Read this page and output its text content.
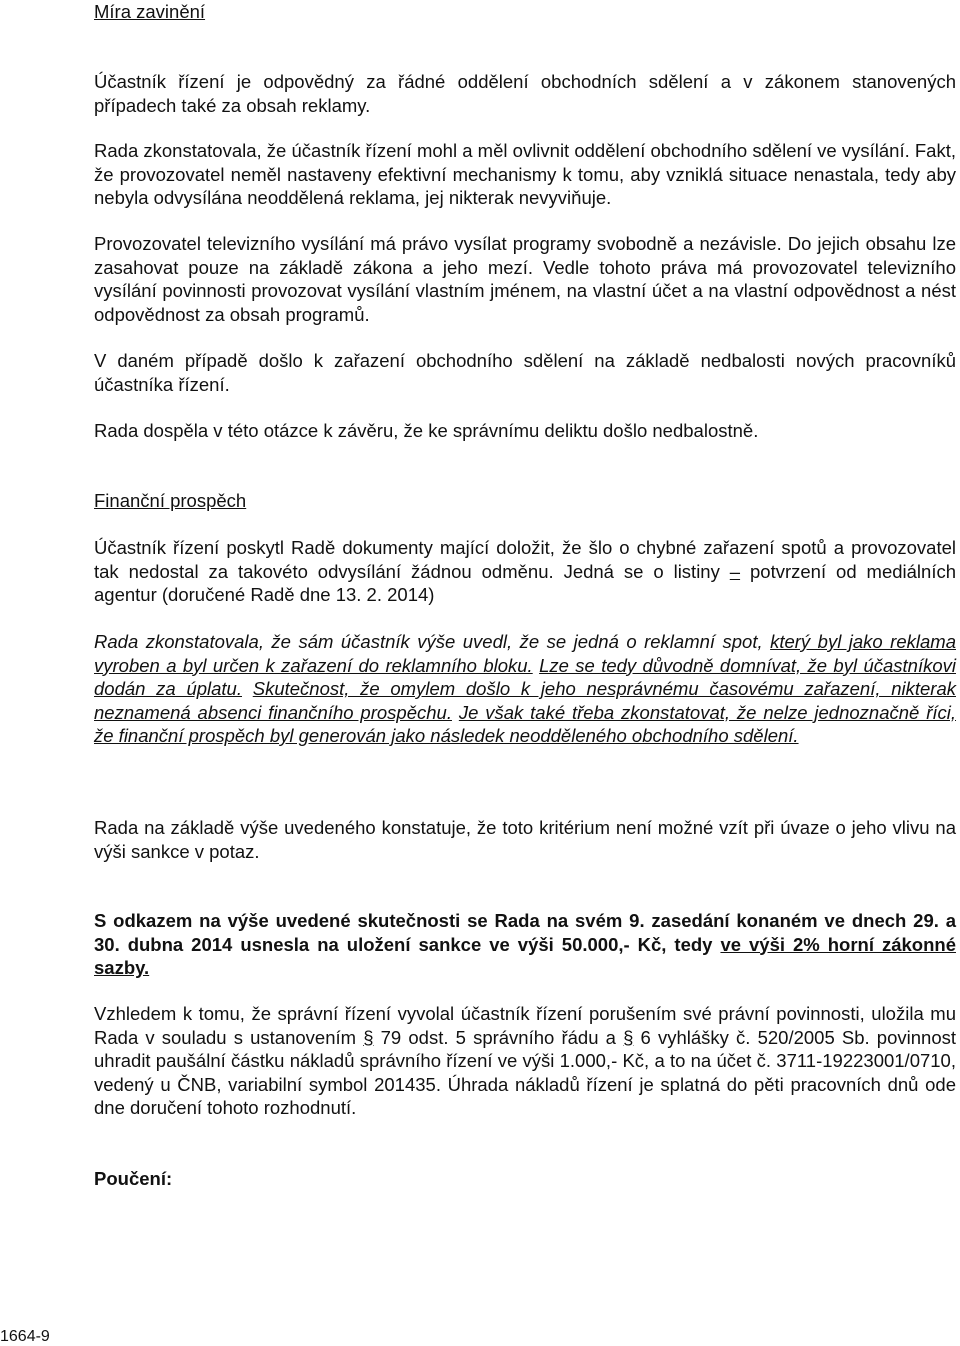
Míra zavinění

Účastník řízení je odpovědný za řádné oddělení obchodních sdělení a v zákonem stanovených případech také za obsah reklamy.

Rada zkonstatovala, že účastník řízení mohl a měl ovlivnit oddělení obchodního sdělení ve vysílání. Fakt, že provozovatel neměl nastaveny efektivní mechanismy k tomu, aby vzniklá situace nenastala, tedy aby nebyla odvysílána neoddělená reklama, jej nikterak nevyviňuje.

Provozovatel televizního vysílání má právo vysílat programy svobodně a nezávisle. Do jejich obsahu lze zasahovat pouze na základě zákona a jeho mezí. Vedle tohoto práva má provozovatel televizního vysílání povinnosti provozovat vysílání vlastním jménem, na vlastní účet a na vlastní odpovědnost a nést odpovědnost za obsah programů.

V daném případě došlo k zařazení obchodního sdělení na základě nedbalosti nových pracovníků účastníka řízení.

Rada dospěla v této otázce k závěru, že ke správnímu deliktu došlo nedbalostně.

Finanční prospěch

Účastník řízení poskytl Radě dokumenty mající doložit, že šlo o chybné zařazení spotů a provozovatel tak nedostal za takovéto odvysílání žádnou odměnu. Jedná se o listiny – potvrzení od mediálních agentur (doručené Radě dne 13. 2. 2014)

Rada zkonstatovala, že sám účastník výše uvedl, že se jedná o reklamní spot, který byl jako reklama vyroben a byl určen k zařazení do reklamního bloku. Lze se tedy důvodně domnívat, že byl účastníkovi dodán za úplatu. Skutečnost, že omylem došlo k jeho nesprávnému časovému zařazení, nikterak neznamená absenci finančního prospěchu. Je však také třeba zkonstatovat, že nelze jednoznačně říci, že finanční prospěch byl generován jako následek neodděleného obchodního sdělení.

Rada na základě výše uvedeného konstatuje, že toto kritérium není možné vzít při úvaze o jeho vlivu na výši sankce v potaz.

S odkazem na výše uvedené skutečnosti se Rada na svém 9. zasedání konaném ve dnech 29. a 30. dubna 2014 usnesla na uložení sankce ve výši 50.000,- Kč, tedy ve výši 2% horní zákonné sazby.

Vzhledem k tomu, že správní řízení vyvolal účastník řízení porušením své právní povinnosti, uložila mu Rada v souladu s ustanovením § 79 odst. 5 správního řádu a § 6 vyhlášky č. 520/2005 Sb. povinnost uhradit paušální částku nákladů správního řízení ve výši 1.000,- Kč, a to na účet č. 3711-19223001/0710, vedený u ČNB, variabilní symbol 201435. Úhrada nákladů řízení je splatná do pěti pracovních dnů ode dne doručení tohoto rozhodnutí.

Poučení:
1664-9
